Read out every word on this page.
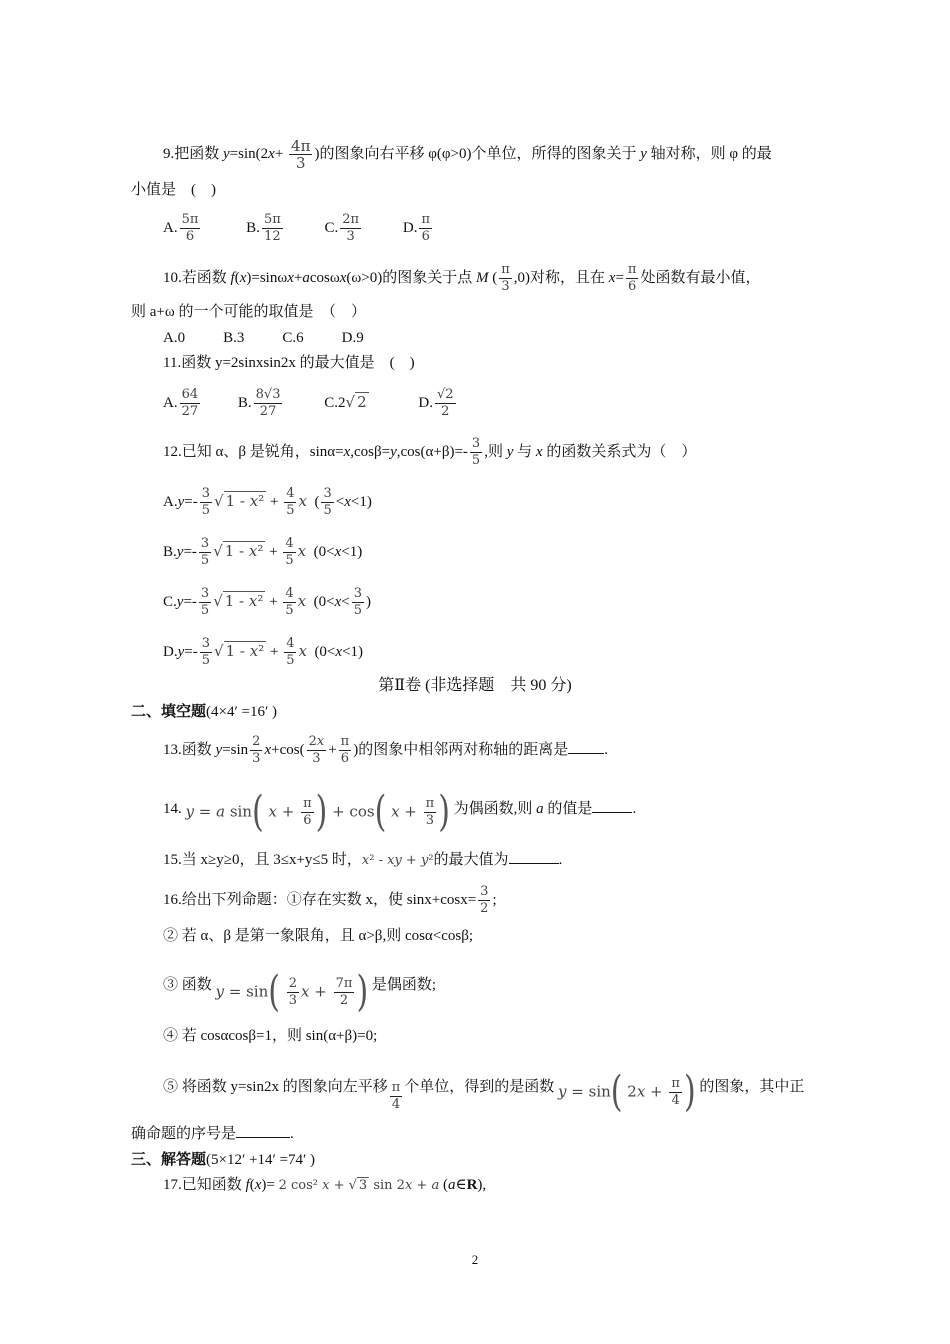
9.把函数 $y=\sin(2x+ \frac{4\pi}{3}$ )的图象向右平移 φ(φ>0)个单位，所得的图象关于 y 轴对称，则 φ 的最
小值是　(　)
A. $\frac{5\pi}{6}$	B. $\frac{5\pi}{12}$	C. $\frac{2\pi}{3}$	D. $\frac{\pi}{6}$
10.若函数 f(x)=sinωx+acosωx(ω>0)的图象关于点 M ( $\frac{\pi}{3} ,0$)对称，且在 $x= \frac{\pi}{6}$ 处函数有最小值，
则 a+ω 的一个可能的取值是　（　）
A.0	B.3	C.6	D.9
11.函数 y=2sinxsin2x 的最大值是　(　)
A. $\frac{64}{27}$	B. $\frac{8√3}{27}$	C.2√ 2	D. $\frac{√2}{2}$
12.已知 α、β 是锐角，$\sin\alpha=x,\cos\beta=y,\cos(\alpha+\beta)=- \frac{3}{5}$ ,则 y 与 x 的函数关系式为（　）
$A.y=- \frac{3}{5}$ √ $1 - x^2 + \frac{4}{5}$ x  ( $\frac{3}{5} <x<1$)
$B.y=- \frac{3}{5}$ √ $1 - x^2 + \frac{4}{5}$ x  (0<x<1)
$C.y=- \frac{3}{5}$ √ $1 - x^2 + \frac{4}{5}$ x  ($0<x< \frac{3}{5}$ )
$D.y=- \frac{3}{5}$ √ $1 - x^2 + \frac{4}{5}$ x  (0<x<1)
第Ⅱ卷 (非选择题　共 90 分)
二、填空题(4×4′ =16′ )
13.函数 $y=\sin \frac{2}{3} x+\cos( \frac{2x}{3} + \frac{\pi}{6}$ )的图象中相邻两对称轴的距离是 .
14. y = a sin( $x + \frac{\pi}{6}$ ) + cos( $x + \frac{\pi}{3}$ ) 为偶函数,则 a 的值是	.
15.当 x≥y≥0，且 3≤x+y≤5 时，x² - xy + y²的最大值为	.
16.给出下列命题：①存在实数 x，使 $\sin x+\cos x= \frac{3}{2}$ ;
② 若 α、β 是第一象限角，且 α>β,则 cosα<cosβ;
③ 函数 $y = \sin( \frac{2}{3}$ $x + \frac{7\pi}{2}$ ) 是偶函数;
④ 若 cosαcosβ=1，则 sin(α+β)=0;
⑤ 将函数 y=sin2x 的图象向左平移 $\frac{\pi}{4}$ 个单位，得到的是函数 y = sin( $2x + \frac{\pi}{4}$ ) 的图象，其中正
确命题的序号是	.
三、解答题(5×12′ +14′ =74′ )
17.已知函数 f(x)= 2 cos² x + √ 3 sin 2x + a (a∈R),
2
